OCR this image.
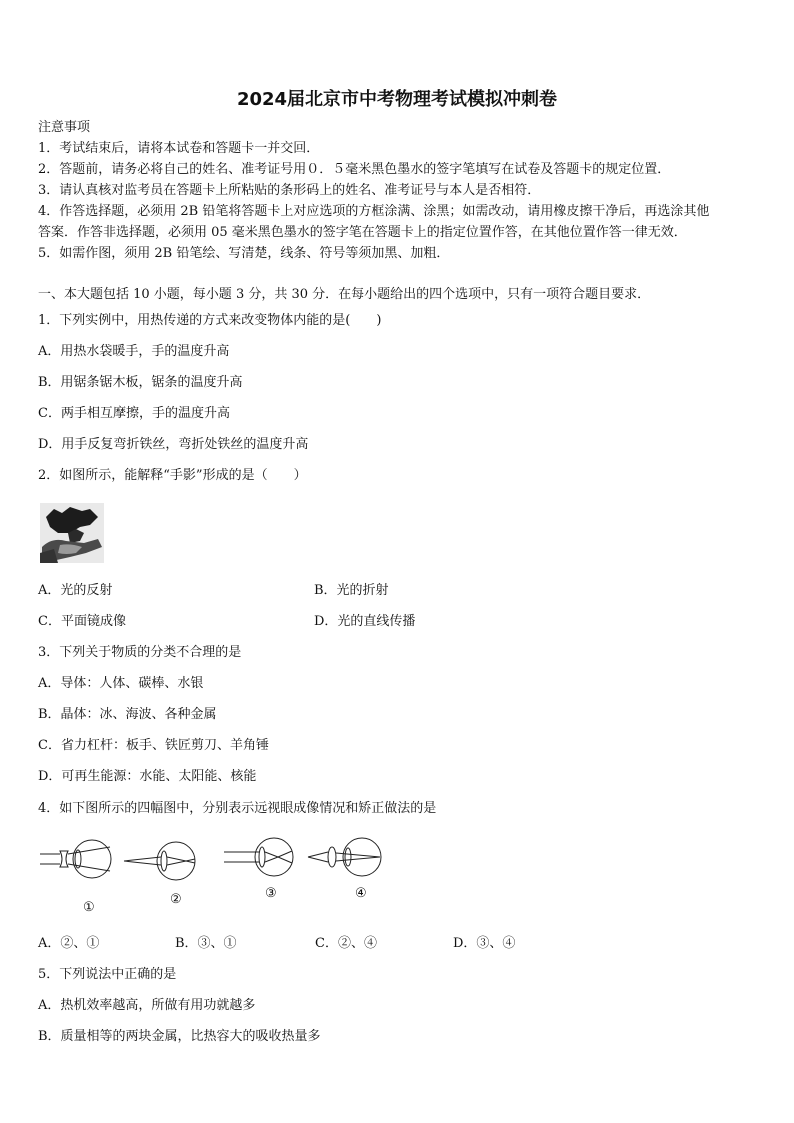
2024届北京市中考物理考试模拟冲刺卷
注意事项
1．考试结束后，请将本试卷和答题卡一并交回．
2．答题前，请务必将自己的姓名、准考证号用０．５毫米黑色墨水的签字笔填写在试卷及答题卡的规定位置．
3．请认真核对监考员在答题卡上所粘贴的条形码上的姓名、准考证号与本人是否相符．
4．作答选择题，必须用 2B 铅笔将答题卡上对应选项的方框涂满、涂黑；如需改动，请用橡皮擦干净后，再选涂其他
答案．作答非选择题，必须用 05 毫米黑色墨水的签字笔在答题卡上的指定位置作答，在其他位置作答一律无效．
5．如需作图，须用 2B 铅笔绘、写清楚，线条、符号等须加黑、加粗．
一、本大题包括 10 小题，每小题 3 分，共 30 分．在每小题给出的四个选项中，只有一项符合题目要求．
1．下列实例中，用热传递的方式来改变物体内能的是(　　)
A．用热水袋暖手，手的温度升高
B．用锯条锯木板，锯条的温度升高
C．两手相互摩擦，手的温度升高
D．用手反复弯折铁丝，弯折处铁丝的温度升高
2．如图所示，能解释“手影”形成的是（　　）
A．光的反射	B．光的折射
C．平面镜成像	D．光的直线传播
3．下列关于物质的分类不合理的是
A．导体：人体、碳棒、水银
B．晶体：冰、海波、各种金属
C．省力杠杆：板手、铁匠剪刀、羊角锤
D．可再生能源：水能、太阳能、核能
4．如下图所示的四幅图中，分别表示远视眼成像情况和矫正做法的是
①
②	③	④
A．②、①	B．③、①	C．②、④	D．③、④
5．下列说法中正确的是
A．热机效率越高，所做有用功就越多
B．质量相等的两块金属，比热容大的吸收热量多
